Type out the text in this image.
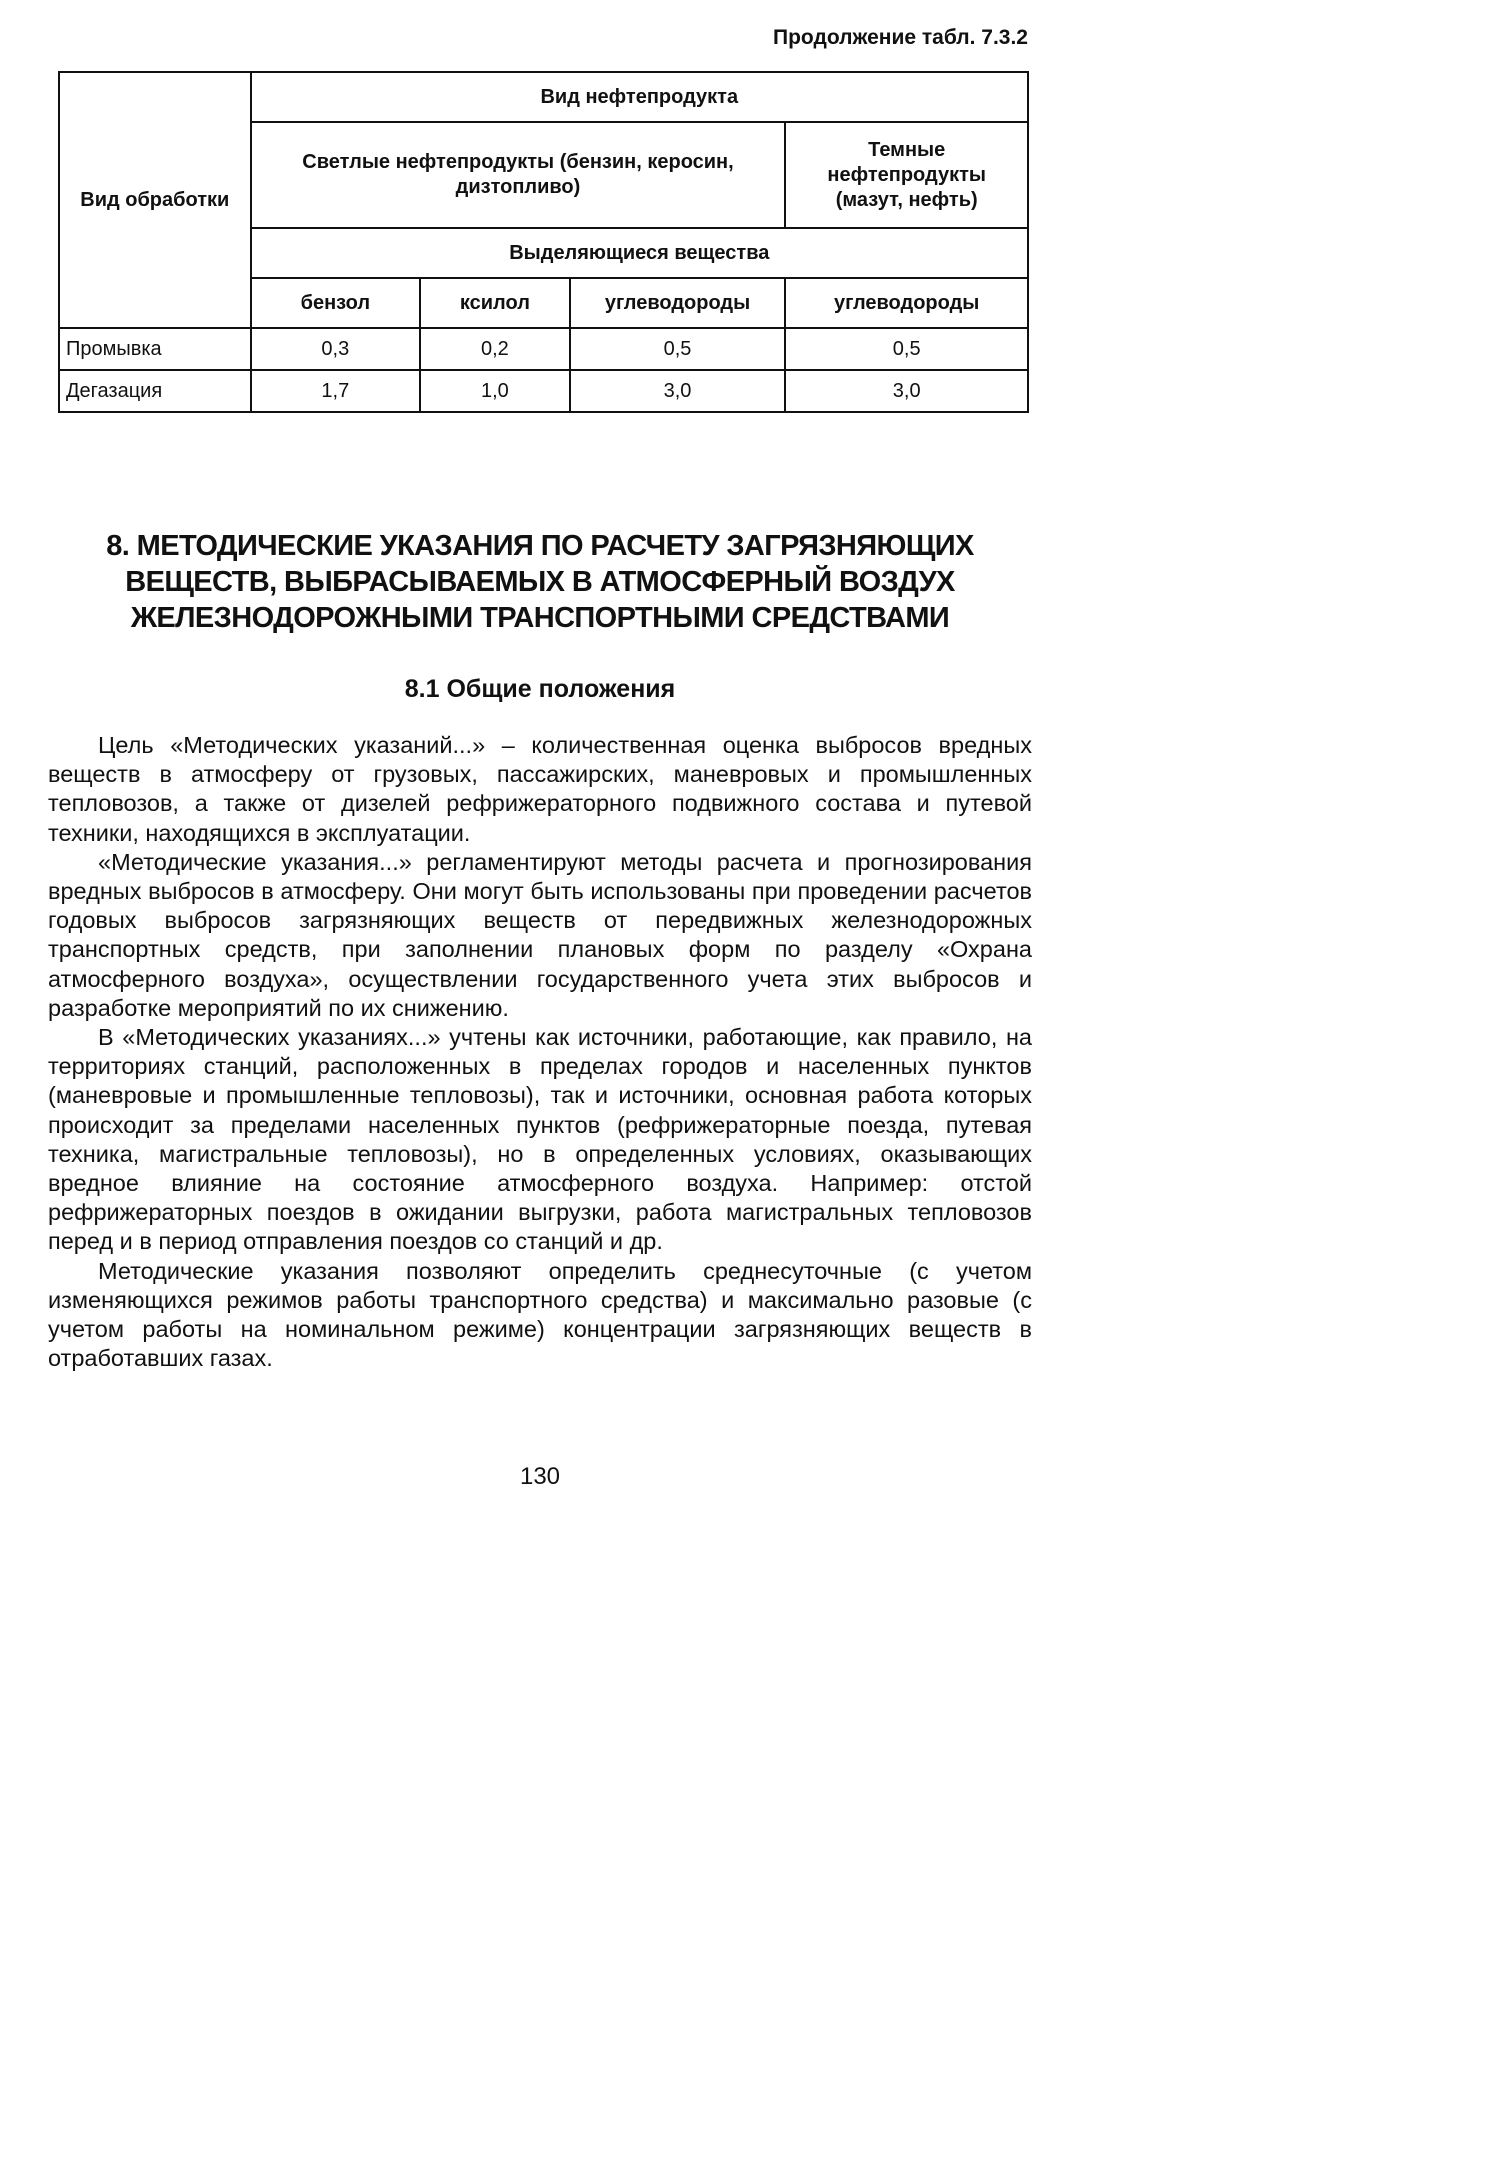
Продолжение табл. 7.3.2
Вид обработки	Вид нефтепродукта			
	Светлые нефтепродукты (бензин, керосин, дизтопливо)			Темные нефтепродукты (мазут, нефть)
	Выделяющиеся вещества			
	бензол	ксилол	углеводороды	углеводороды
Промывка	0,3	0,2	0,5	0,5
Дегазация	1,7	1,0	3,0	3,0
8. МЕТОДИЧЕСКИЕ УКАЗАНИЯ ПО РАСЧЕТУ ЗАГРЯЗНЯЮЩИХ
ВЕЩЕСТВ, ВЫБРАСЫВАЕМЫХ В АТМОСФЕРНЫЙ ВОЗДУХ
ЖЕЛЕЗНОДОРОЖНЫМИ ТРАНСПОРТНЫМИ СРЕДСТВАМИ
8.1 Общие положения

Цель «Методических указаний...» – количественная оценка выбросов вредных веществ в атмосферу от грузовых, пассажирских, маневровых и промышленных тепловозов, а также от дизелей рефрижераторного подвижного состава и путевой техники, находящихся в эксплуатации.

«Методические указания...» регламентируют методы расчета и прогнозирования вредных выбросов в атмосферу. Они могут быть использованы при проведении расчетов годовых выбросов загрязняющих веществ от передвижных железнодорожных транспортных средств, при заполнении плановых форм по разделу «Охрана атмосферного воздуха», осуществлении государственного учета этих выбросов и разработке мероприятий по их снижению.

В «Методических указаниях...» учтены как источники, работающие, как правило, на территориях станций, расположенных в пределах городов и населенных пунктов (маневровые и промышленные тепловозы), так и источники, основная работа которых происходит за пределами населенных пунктов (рефрижераторные поезда, путевая техника, магистральные тепловозы), но в определенных условиях, оказывающих вредное влияние на состояние атмосферного воздуха. Например: отстой рефрижераторных поездов в ожидании выгрузки, работа магистральных тепловозов перед и в период отправления поездов со станций и др.

Методические указания позволяют определить среднесуточные (с учетом изменяющихся режимов работы транспортного средства) и максимально разовые (с учетом работы на номинальном режиме) концентрации загрязняющих веществ в отработавших газах.

130
